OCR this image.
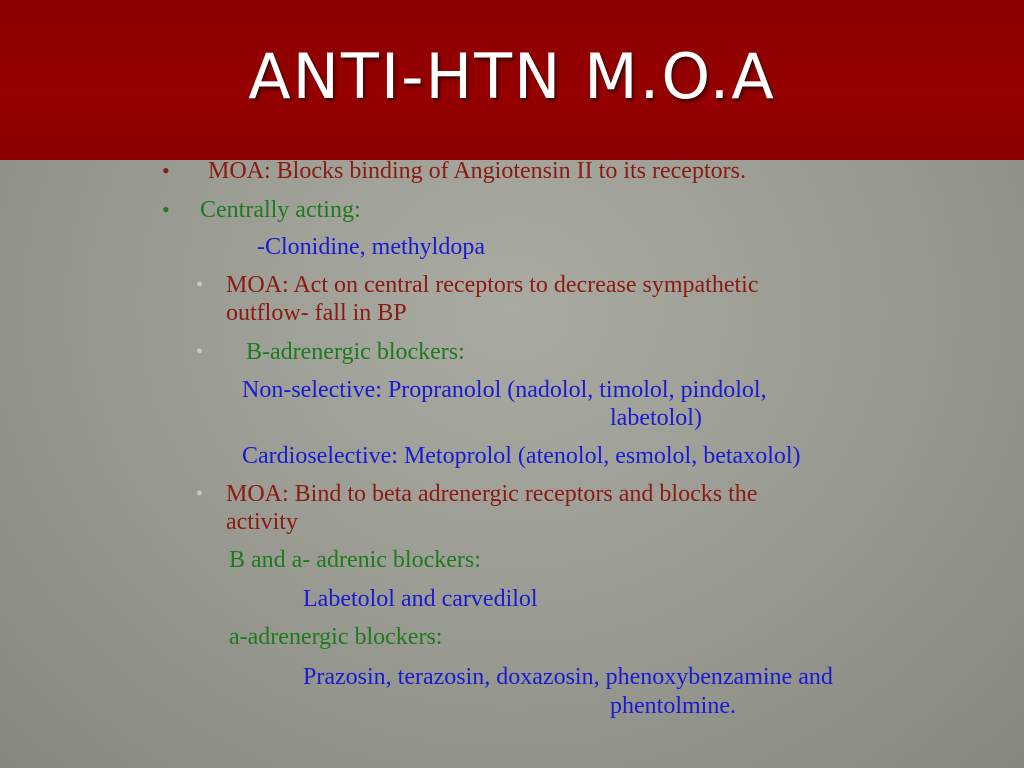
ANTI-HTN M.O.A
• MOA: Blocks binding of Angiotensin II to its receptors.
• Centrally acting:
-Clonidine, methyldopa
• MOA: Act on central receptors to decrease sympathetic
outflow- fall in BP
• B-adrenergic blockers:
Non-selective: Propranolol (nadolol, timolol, pindolol,
labetolol)
Cardioselective: Metoprolol (atenolol, esmolol, betaxolol)
• MOA: Bind to beta adrenergic receptors and blocks the
activity
B and a- adrenic blockers:
Labetolol and carvedilol
a-adrenergic blockers:
Prazosin, terazosin, doxazosin, phenoxybenzamine and
phentolmine.
